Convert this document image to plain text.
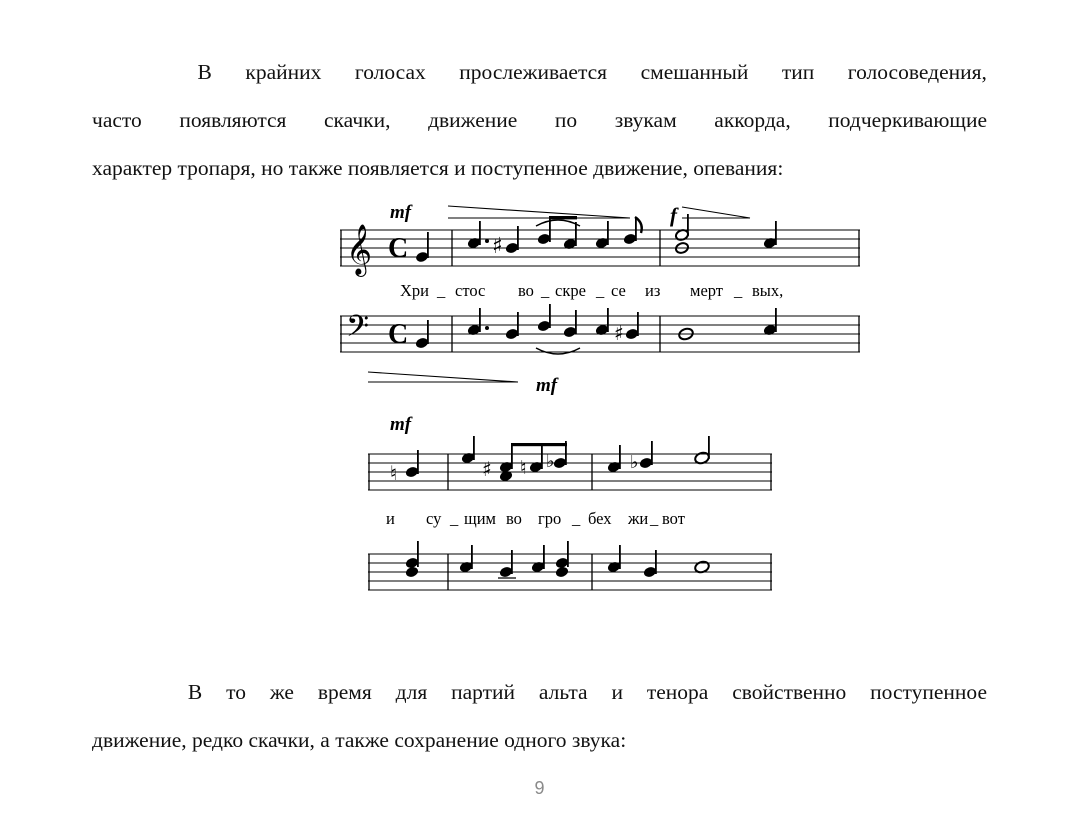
В крайних голосах прослеживается смешанный тип голосоведения,
часто появляются скачки, движение по звукам аккорда, подчеркивающие
характер тропаря, но также появляется и поступенное движение, опевания:
mf	f
𝄞 C	♯
Хри _ стос во _ скре _ се из мерт _ вых,
𝄢 C	♯
mf
mf
♮	♯ ♮ ♭	♭
и су _ щим во гро _ бех жи _ вот
В то же время для партий альта и тенора свойственно поступенное
движение, редко скачки, а также сохранение одного звука:
9
